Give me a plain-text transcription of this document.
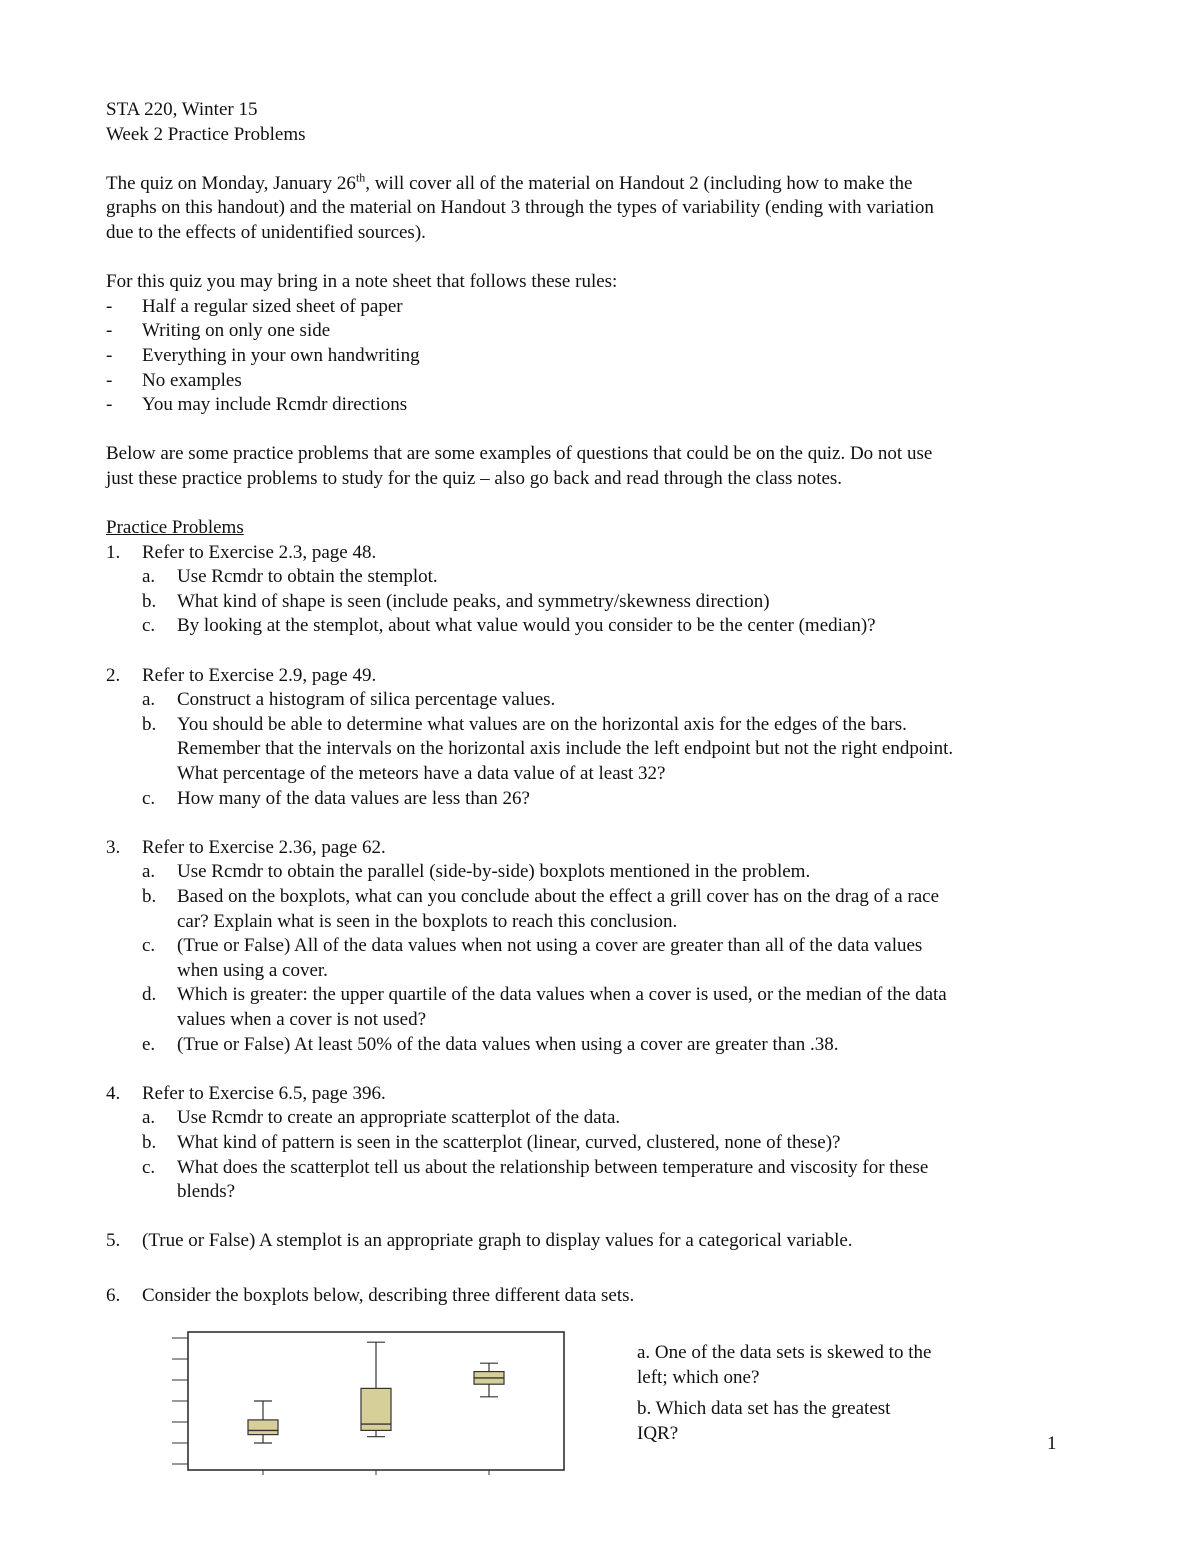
STA 220, Winter 15
Week 2 Practice Problems
The quiz on Monday, January 26th, will cover all of the material on Handout 2 (including how to make the
graphs on this handout) and the material on Handout 3 through the types of variability (ending with variation
due to the effects of unidentified sources).
For this quiz you may bring in a note sheet that follows these rules:
- Half a regular sized sheet of paper
- Writing on only one side
- Everything in your own handwriting
- No examples
- You may include Rcmdr directions
Below are some practice problems that are some examples of questions that could be on the quiz. Do not use
just these practice problems to study for the quiz – also go back and read through the class notes.
Practice Problems
1. Refer to Exercise 2.3, page 48.
a. Use Rcmdr to obtain the stemplot.
b. What kind of shape is seen (include peaks, and symmetry/skewness direction)
c. By looking at the stemplot, about what value would you consider to be the center (median)?
2. Refer to Exercise 2.9, page 49.
a. Construct a histogram of silica percentage values.
b. You should be able to determine what values are on the horizontal axis for the edges of the bars.
Remember that the intervals on the horizontal axis include the left endpoint but not the right endpoint.
What percentage of the meteors have a data value of at least 32?
c. How many of the data values are less than 26?
3. Refer to Exercise 2.36, page 62.
a. Use Rcmdr to obtain the parallel (side-by-side) boxplots mentioned in the problem.
b. Based on the boxplots, what can you conclude about the effect a grill cover has on the drag of a race
car? Explain what is seen in the boxplots to reach this conclusion.
c. (True or False) All of the data values when not using a cover are greater than all of the data values
when using a cover.
d. Which is greater: the upper quartile of the data values when a cover is used, or the median of the data
values when a cover is not used?
e. (True or False) At least 50% of the data values when using a cover are greater than .38.
4. Refer to Exercise 6.5, page 396.
a. Use Rcmdr to create an appropriate scatterplot of the data.
b. What kind of pattern is seen in the scatterplot (linear, curved, clustered, none of these)?
c. What does the scatterplot tell us about the relationship between temperature and viscosity for these
blends?
5. (True or False) A stemplot is an appropriate graph to display values for a categorical variable.
6. Consider the boxplots below, describing three different data sets.
a. One of the data sets is skewed to the
left; which one?
b. Which data set has the greatest
IQR?	1
